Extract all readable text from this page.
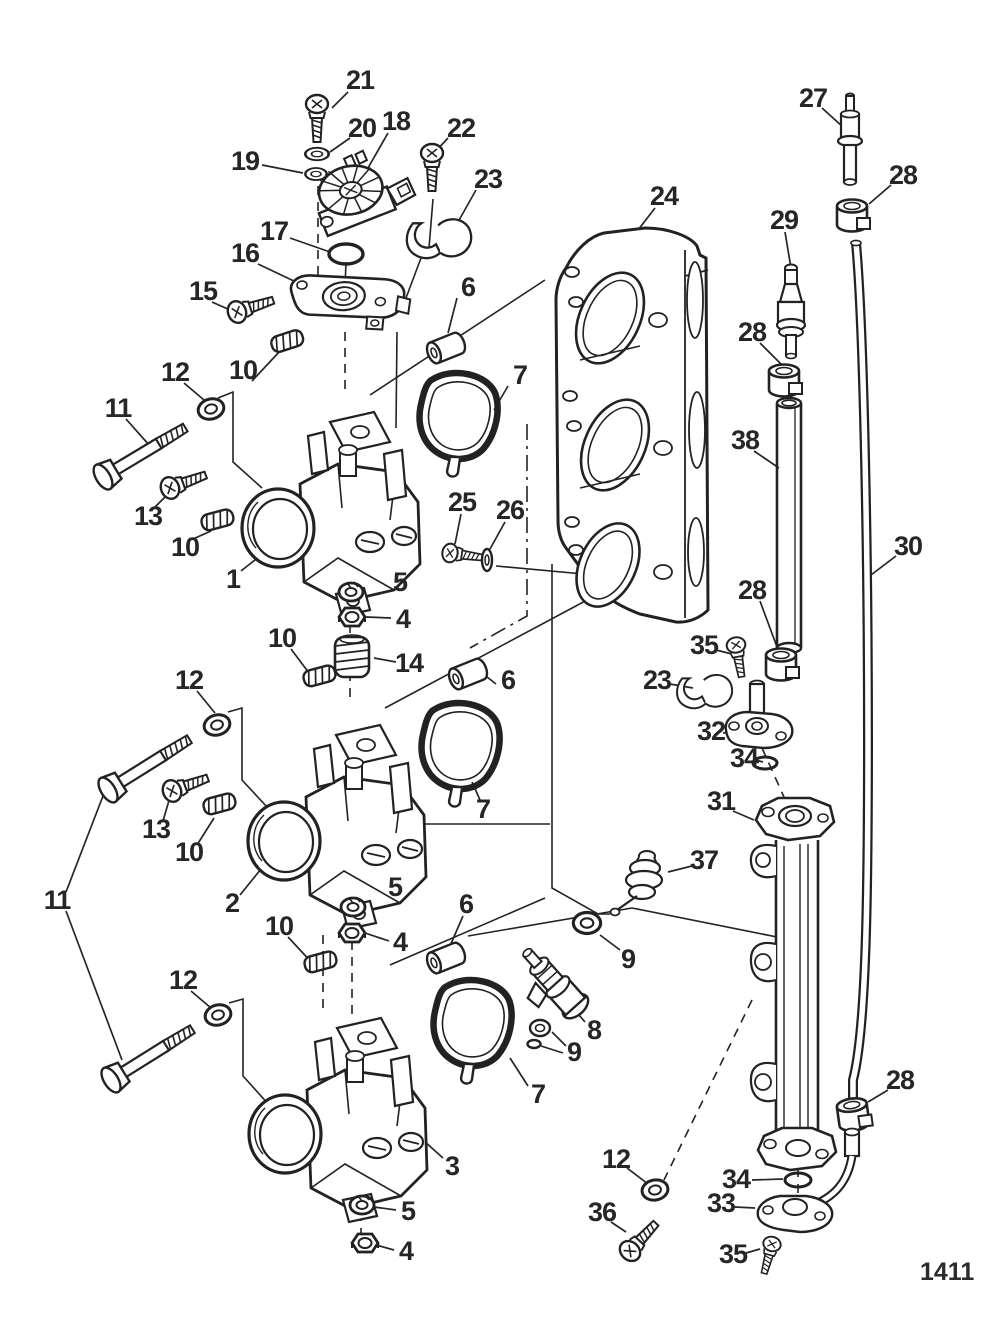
21
20
19
18 22
23
17
16
15
10
12
11
13
10
1	5
4
10
14
6
7
25 26
6
7
12
13
10
2
11	5
4
10
12
3
5
4
24
27
28
29
28
38
30
28
35
23
32
34
31
37
9
8
9
7
6
28
12
36
34
33
35
1411
